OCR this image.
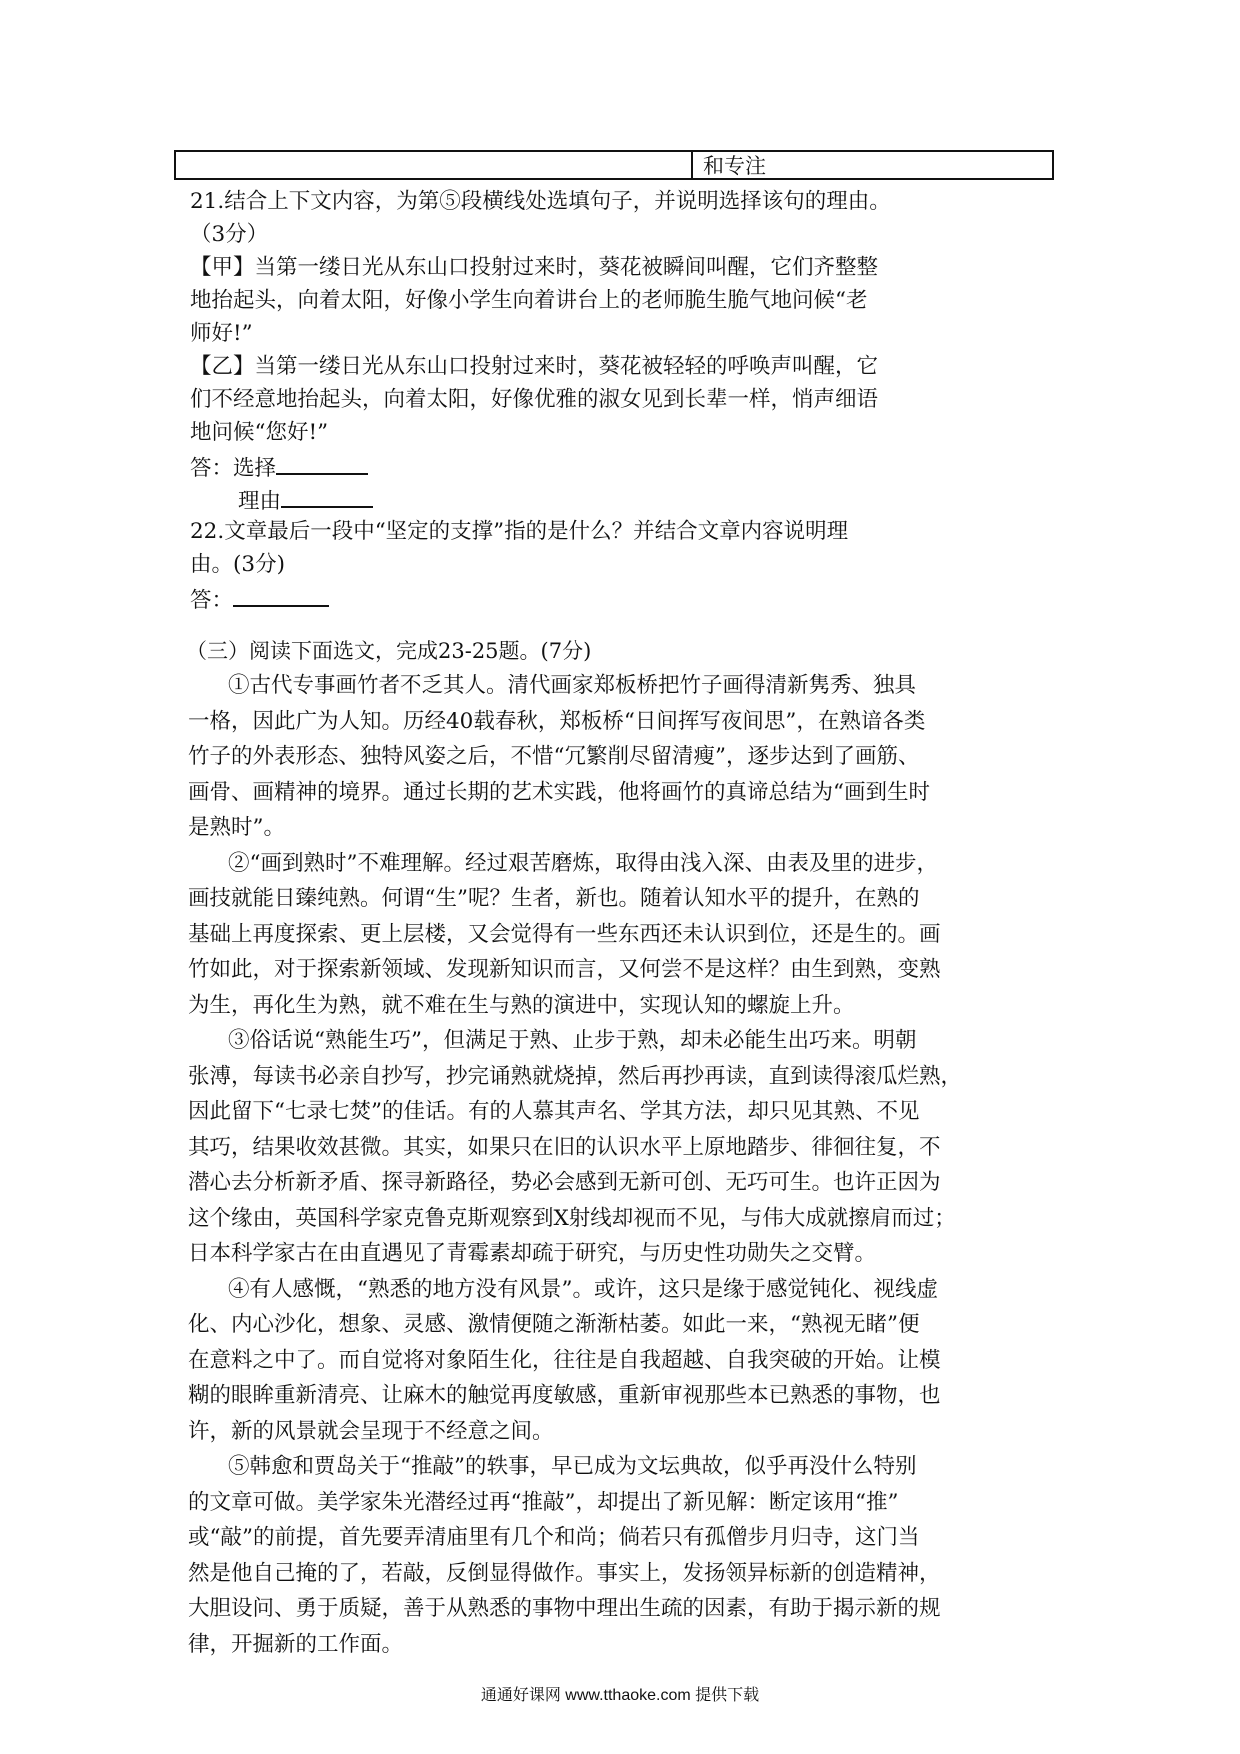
和专注
21.结合上下文内容，为第⑤段横线处选填句子，并说明选择该句的理由。
（3分）
【甲】当第一缕日光从东山口投射过来时，葵花被瞬间叫醒，它们齐整整
地抬起头，向着太阳，好像小学生向着讲台上的老师脆生脆气地问候“老
师好!”
【乙】当第一缕日光从东山口投射过来时，葵花被轻轻的呼唤声叫醒，它
们不经意地抬起头，向着太阳，好像优雅的淑女见到长辈一样，悄声细语
地问候“您好!”
答：选择
理由
22.文章最后一段中“坚定的支撑”指的是什么？并结合文章内容说明理
由。(3分)
答：
（三）阅读下面选文，完成23-25题。(7分)
①古代专事画竹者不乏其人。清代画家郑板桥把竹子画得清新隽秀、独具
一格，因此广为人知。历经40载春秋，郑板桥“日间挥写夜间思”，在熟谙各类
竹子的外表形态、独特风姿之后，不惜“冗繁削尽留清瘦”，逐步达到了画筋、
画骨、画精神的境界。通过长期的艺术实践，他将画竹的真谛总结为“画到生时
是熟时”。
②“画到熟时”不难理解。经过艰苦磨炼，取得由浅入深、由表及里的进步，
画技就能日臻纯熟。何谓“生”呢？生者，新也。随着认知水平的提升，在熟的
基础上再度探索、更上层楼，又会觉得有一些东西还未认识到位，还是生的。画
竹如此，对于探索新领域、发现新知识而言，又何尝不是这样？由生到熟，变熟
为生，再化生为熟，就不难在生与熟的演进中，实现认知的螺旋上升。
③俗话说“熟能生巧”，但满足于熟、止步于熟，却未必能生出巧来。明朝
张溥，每读书必亲自抄写，抄完诵熟就烧掉，然后再抄再读，直到读得滚瓜烂熟，
因此留下“七录七焚”的佳话。有的人慕其声名、学其方法，却只见其熟、不见
其巧，结果收效甚微。其实，如果只在旧的认识水平上原地踏步、徘徊往复，不
潜心去分析新矛盾、探寻新路径，势必会感到无新可创、无巧可生。也许正因为
这个缘由，英国科学家克鲁克斯观察到X射线却视而不见，与伟大成就擦肩而过；
日本科学家古在由直遇见了青霉素却疏于研究，与历史性功勋失之交臂。
④有人感慨，“熟悉的地方没有风景”。或许，这只是缘于感觉钝化、视线虚
化、内心沙化，想象、灵感、激情便随之渐渐枯萎。如此一来，“熟视无睹”便
在意料之中了。而自觉将对象陌生化，往往是自我超越、自我突破的开始。让模
糊的眼眸重新清亮、让麻木的触觉再度敏感，重新审视那些本已熟悉的事物，也
许，新的风景就会呈现于不经意之间。
⑤韩愈和贾岛关于“推敲”的轶事，早已成为文坛典故，似乎再没什么特别
的文章可做。美学家朱光潜经过再“推敲”，却提出了新见解：断定该用“推”
或“敲”的前提，首先要弄清庙里有几个和尚；倘若只有孤僧步月归寺，这门当
然是他自己掩的了，若敲，反倒显得做作。事实上，发扬领异标新的创造精神，
大胆设问、勇于质疑，善于从熟悉的事物中理出生疏的因素，有助于揭示新的规
律，开掘新的工作面。
通通好课网 www.tthaoke.com 提供下载
